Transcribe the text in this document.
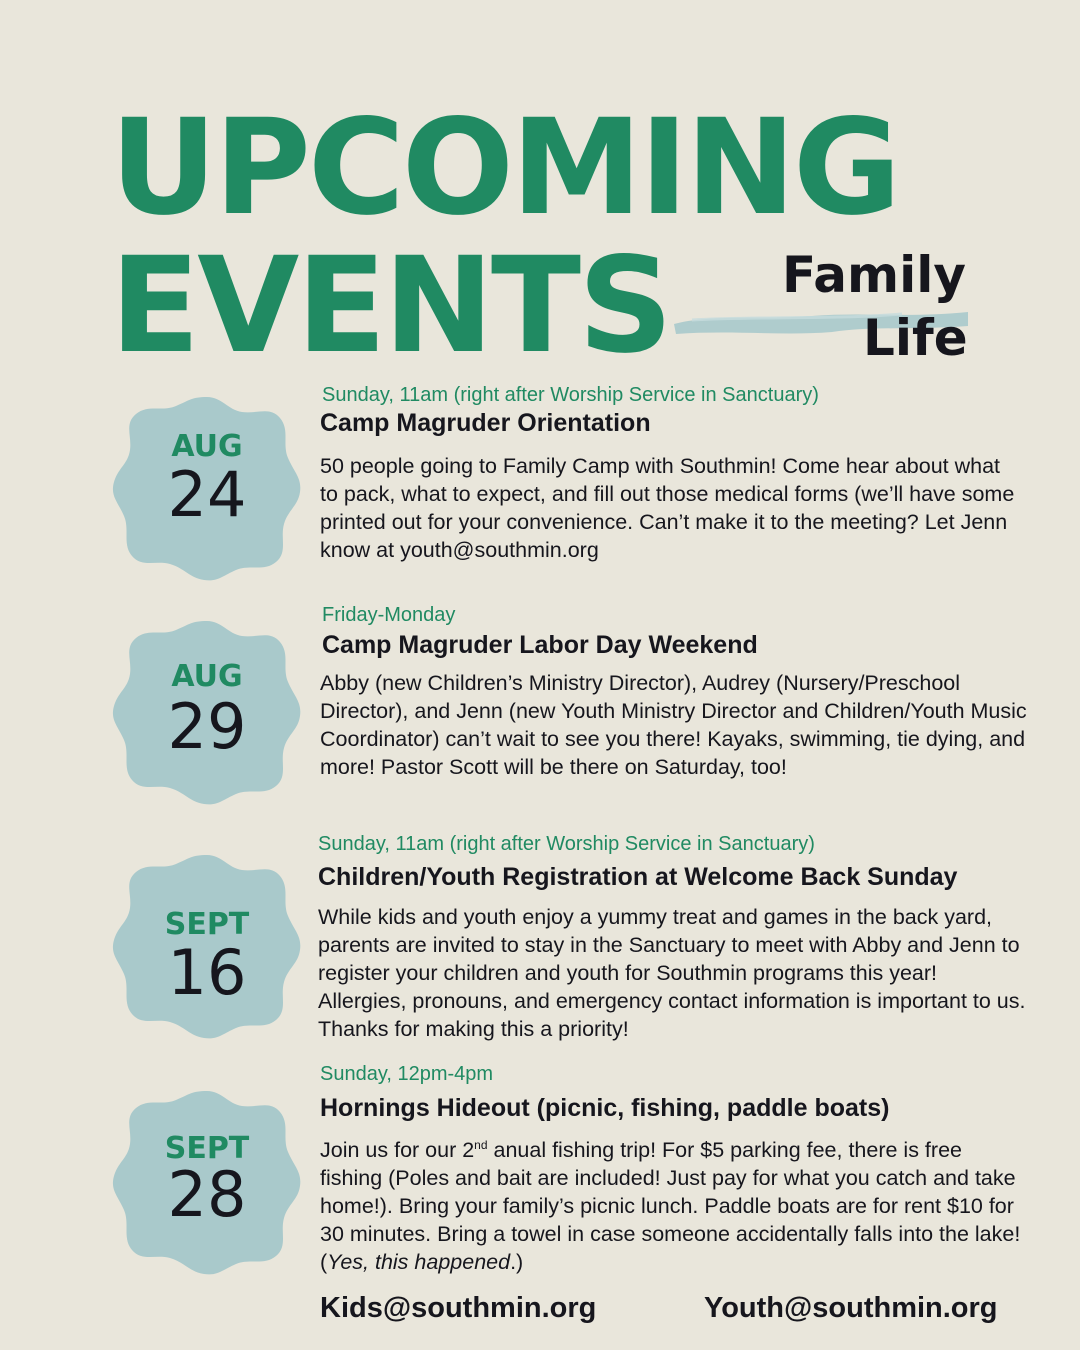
UPCOMING
EVENTS Family

Life

AUG
24

Sunday, 11am (right after Worship Service in Sanctuary)

Camp Magruder Orientation

50 people going to Family Camp with Southmin! Come hear about what to pack, what to expect, and fill out those medical forms (we’ll have some printed out for your convenience. Can’t make it to the meeting? Let Jenn know at youth@southmin.org

AUG
29

Friday-Monday

Camp Magruder Labor Day Weekend

Abby (new Children’s Ministry Director), Audrey (Nursery/Preschool Director), and Jenn (new Youth Ministry Director and Children/Youth Music Coordinator) can’t wait to see you there! Kayaks, swimming, tie dying, and more! Pastor Scott will be there on Saturday, too!

SEPT
16

Sunday, 11am (right after Worship Service in Sanctuary)

Children/Youth Registration at Welcome Back Sunday

While kids and youth enjoy a yummy treat and games in the back yard, parents are invited to stay in the Sanctuary to meet with Abby and Jenn to register your children and youth for Southmin programs this year! Allergies, pronouns, and emergency contact information is important to us. Thanks for making this a priority!

SEPT
28

Sunday, 12pm-4pm

Hornings Hideout (picnic, fishing, paddle boats)

Join us for our 2nd anual fishing trip! For $5 parking fee, there is free fishing (Poles and bait are included! Just pay for what you catch and take home!). Bring your family’s picnic lunch. Paddle boats are for rent $10 for 30 minutes. Bring a towel in case someone accidentally falls into the lake! (Yes, this happened.)

Kids@southmin.org	Youth@southmin.org
